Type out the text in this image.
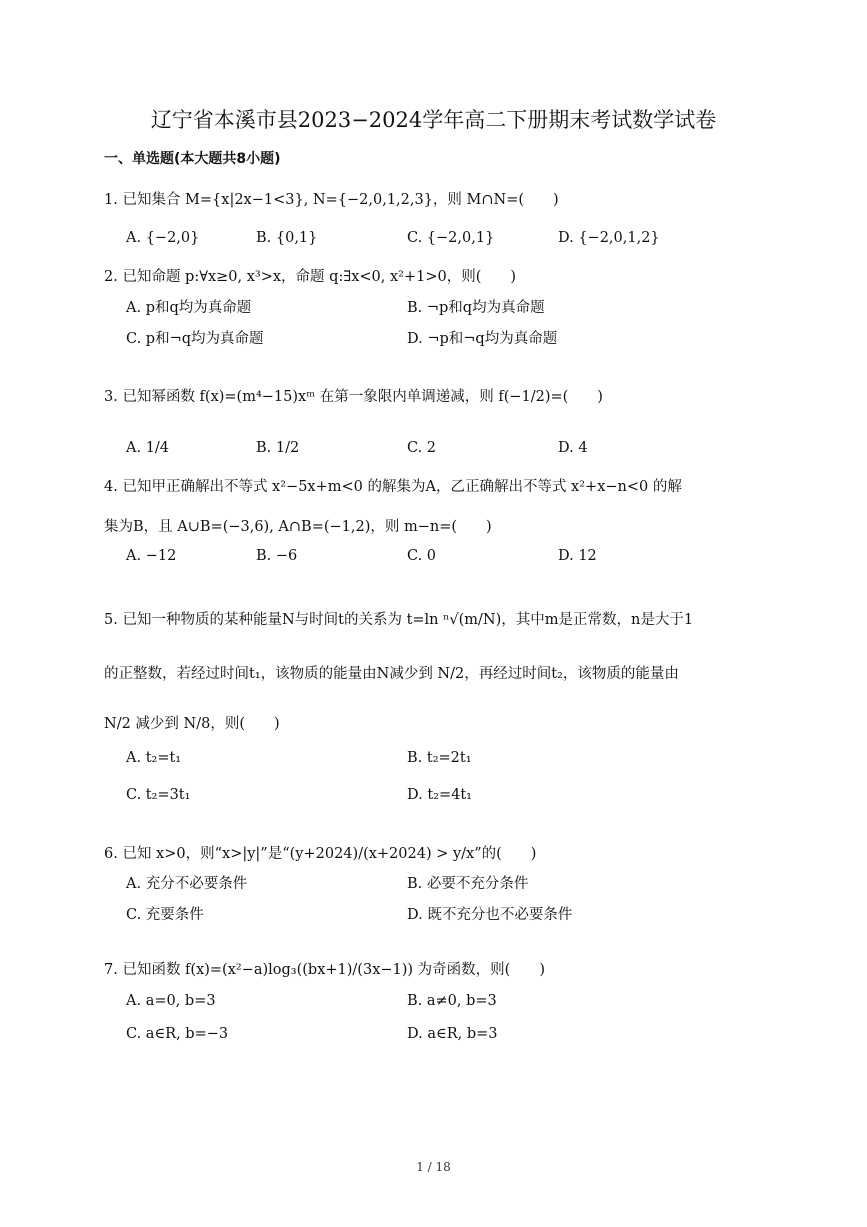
辽宁省本溪市县2023−2024学年高二下册期末考试数学试卷
一、单选题(本大题共8小题)
1. 已知集合 M={x|2x−1<3}, N={−2,0,1,2,3}，则 M∩N=(　　)
A. {−2,0}	B. {0,1}	C. {−2,0,1}	D. {−2,0,1,2}
2. 已知命题 p:∀x≥0, x³>x，命题 q:∃x<0, x²+1>0，则(　　)
A. p和q均为真命题	B. ¬p和q均为真命题
C. p和¬q均为真命题	D. ¬p和¬q均为真命题
3. 已知幂函数 f(x)=(m⁴−15)xᵐ 在第一象限内单调递减，则 f(−1/2)=(　　)
A. 1/4	B. 1/2	C. 2	D. 4
4. 已知甲正确解出不等式 x²−5x+m<0 的解集为A，乙正确解出不等式 x²+x−n<0 的解
集为B，且 A∪B=(−3,6), A∩B=(−1,2)，则 m−n=(　　)
A. −12	B. −6	C. 0	D. 12
5. 已知一种物质的某种能量N与时间t的关系为 t=ln ⁿ√(m/N)，其中m是正常数，n是大于1
的正整数，若经过时间t₁，该物质的能量由N减少到 N/2，再经过时间t₂，该物质的能量由
N/2 减少到 N/8，则(　　)
A. t₂=t₁	B. t₂=2t₁
C. t₂=3t₁	D. t₂=4t₁
6. 已知 x>0，则“x>|y|”是“(y+2024)/(x+2024) > y/x”的(　　)
A. 充分不必要条件	B. 必要不充分条件
C. 充要条件	D. 既不充分也不必要条件
7. 已知函数 f(x)=(x²−a)log₃((bx+1)/(3x−1)) 为奇函数，则(　　)
A. a=0, b=3	B. a≠0, b=3
C. a∈R, b=−3	D. a∈R, b=3
1 / 18
